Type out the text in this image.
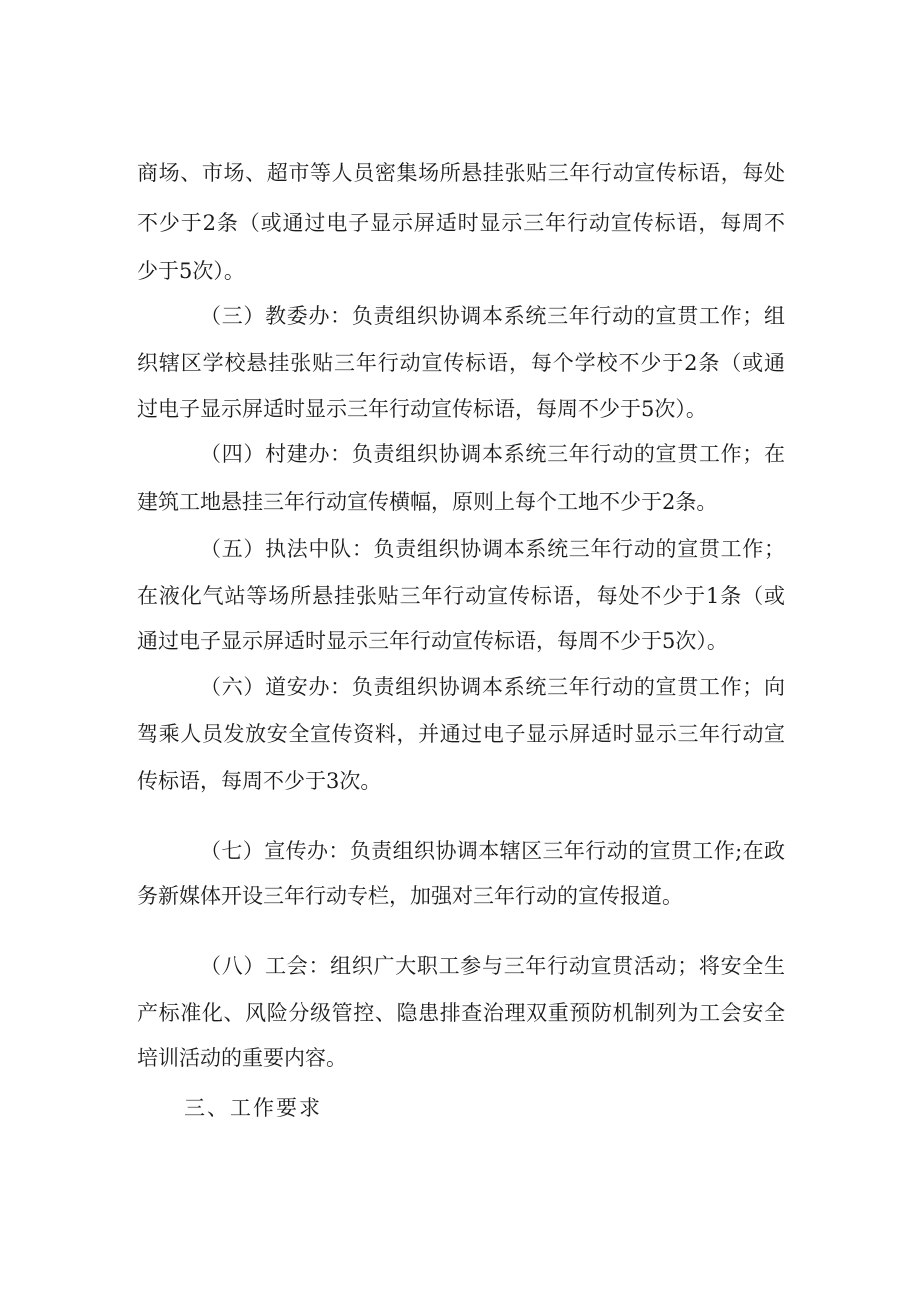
商场、市场、超市等人员密集场所悬挂张贴三年行动宣传标语，每处
不少于2条（或通过电子显示屏适时显示三年行动宣传标语，每周不
少于5次）。
（三）教委办：负责组织协调本系统三年行动的宣贯工作；组
织辖区学校悬挂张贴三年行动宣传标语，每个学校不少于2条（或通
过电子显示屏适时显示三年行动宣传标语，每周不少于5次）。
（四）村建办：负责组织协调本系统三年行动的宣贯工作；在
建筑工地悬挂三年行动宣传横幅，原则上每个工地不少于2条。
（五）执法中队：负责组织协调本系统三年行动的宣贯工作；
在液化气站等场所悬挂张贴三年行动宣传标语，每处不少于1条（或
通过电子显示屏适时显示三年行动宣传标语，每周不少于5次）。
（六）道安办：负责组织协调本系统三年行动的宣贯工作；向
驾乘人员发放安全宣传资料，并通过电子显示屏适时显示三年行动宣
传标语，每周不少于3次。
（七）宣传办：负责组织协调本辖区三年行动的宣贯工作;在政
务新媒体开设三年行动专栏，加强对三年行动的宣传报道。
（八）工会：组织广大职工参与三年行动宣贯活动；将安全生
产标准化、风险分级管控、隐患排查治理双重预防机制列为工会安全
培训活动的重要内容。
三、工作要求
